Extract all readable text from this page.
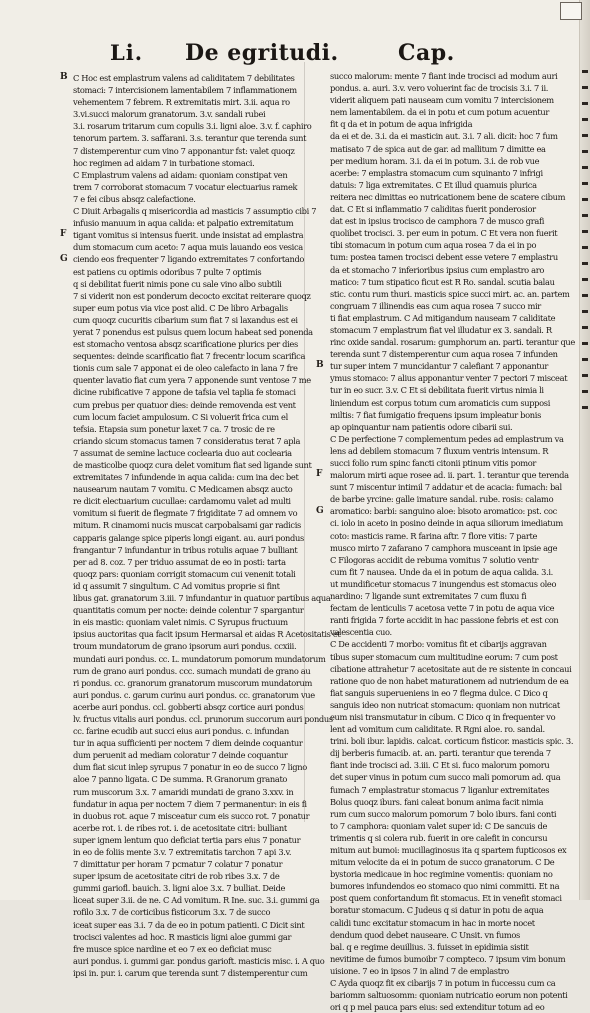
Li. De egritudi.	Cap.
C Hoc est emplastrum valens ad caliditatem 7 debilitates
stomaci: 7 intercisionem lamentabilem 7 inflammationem
vehementem 7 febrem. R extremitatis mirt. 3.ii. aqua ro
3.vi.succi malorum granatorum. 3.v. sandali rubei
3.i. rosarum tritarum cum copulis 3.i. ligni aloe. 3.v. f. caphiro
tenorum partem. 3. saffarani. 3.s. terantur que terenda sunt
7 distemperentur cum vino 7 apponantur fst: valet quoqz
hoc regimen ad aidam 7 in turbatione stomaci.
C Emplastrum valens ad aidam: quoniam constipat ven
trem 7 corroborat stomacum 7 vocatur electuarius ramek
7 e fei cibus absqz calefactione.
C Diuit Arbagalis q misericordia ad masticis 7 assumptio cibi 7
infusio manuum in aqua calida: et palpatio extremitatum
tigant vomitus si intensus fuerit. unde insistat ad emplastra
dum stomacum cum aceto: 7 aqua muis lauando eos vesica
ciendo eos frequenter 7 ligando extremitates 7 confortando
est patiens cu optimis odoribus 7 pulte 7 optimis
q si debilitat fuerit nimis pone cu sale vino albo subtili
7 si viderit non est ponderum decocto excitat reiterare quoqz
super eum potus via vice post alid. C De libro Arbagalis
cum quoqz cucuritis cibarium sum fiat 7 si laxandus est ei
yerat 7 ponendus est pulsus quem locum habeat sed ponenda
est stomacho ventosa absqz scarificatione plurics per dies
sequentes: deinde scarificatio fiat 7 frecentr locum scarifica
tionis cum sale 7 apponat ei de oleo calefacto in lana 7 fre
quenter lavatio fiat cum yera 7 apponende sunt ventose 7 me
dicine rubificative 7 appone de tafsia vel taplia fe stomaci
cum prebus per quatuor dies: deinde removenda est vent
cum locum faciet ampulosum. C Si voluerit frica cum el
tefsia. Etapsia sum ponetur laxet 7 ca. 7 trosic de re
criando sicum stomacus tamen 7 consideratus terat 7 apla
7 assumat de semine lactuce coclearia duo aut coclearia
de masticolbe quoqz cura delet vomitum fiat sed ligande sunt
extremitates 7 infundende in aqua calida: cum ina dec bet
nausearum nautam 7 vomitu. C Medicamen absqz aucto
re dicit electuarium cucullae: cardamomu valet ad multi
vomitum si fuerit de flegmate 7 frigiditate 7 ad omnem vo
mitum. R cinamomi nucis muscat carpobalsami gar radicis
capparis galange spice piperis longi eigant. au. auri pondus
frangantur 7 infundantur in tribus rotulis aquae 7 bulliant
per ad 8. coz. 7 per triduo assumat de eo in posti: tarta
quoqz pars: quoniam corrigit stomacum cui venenit totali
id q assumit 7 singultum. C Ad vomitus proprie si fint
libus gat. granatorum 3.iii. 7 infundantur in quatuor partibus aqua
quantitatis comum per nocte: deinde colentur 7 spargantur
in eis mastic: quoniam valet nimis. C Syrupus fructuum
ipsius auctoritas qua facit ipsum Hermarsal et aidas R Acetositatis et
troum mundatorum de grano ipsorum auri pondus. ccxiii.
mundati auri pondus. cc. L. mundatorum pomorum mundatorum
rum de grano auri pondus. ccc. sumach mundati de grano au
ri pondus. cc. granorum granatorum muscorum mundatorum
auri pondus. c. garum curinu auri pondus. cc. granatorum vue
acerbe auri pondus. ccl. gobberti absqz cortice auri pondus
lv. fructus vitalis auri pondus. ccl. prunorum succorum auri pondus
cc. farine ecudib aut succi eius auri pondus. c. infundan
tur in aqua sufficienti per noctem 7 diem deinde coquantur
dum peruenit ad mediam coloratur 7 deinde coquantur
dum fiat sicut inlep syrupus 7 ponatur in eo de succo 7 ligno
aloe 7 panno ligata. C De summa. R Granorum granato
rum muscorum 3.x. 7 amaridi mundati de grano 3.xxv. in
fundatur in aqua per noctem 7 diem 7 permanentur: in eis fi
in duobus rot. aque 7 misceatur cum eis succo rot. 7 ponatur
acerbe rot. i. de ribes rot. i. de acetositate citri: bulliant
super ignem lentum quo deficiat tertia pars eius 7 ponatur
in eo de foliis mente 3.v. 7 extremitatis tarchon 7 api 3.v.
7 dimittatur per horam 7 pcmatur 7 colatur 7 ponatur
super ipsum de acetositate citri de rob ribes 3.x. 7 de
gummi gariofl. bauich. 3. ligni aloe 3.x. 7 bulliat. Deide
liceat super 3.ii. de ne. C Ad vomitum. R Ine. suc. 3.i. gummi ga
rofilo 3.x. 7 de corticibus fisticorum 3.x. 7 de succo
iceat super eas 3.i. 7 da de eo in potum patienti. C Dicit sint
trocisci valentes ad hoc. R masticis ligni aloe gummi gar
fre musce spice nardine et eo 7 ex eo deficiat musc
auri pondus. i. gummi gar. pondus garioft. masticis misc. i. A quo
ipsi in. pur. i. carum que terenda sunt 7 distemperentur cum
succo malorum: mente 7 fiant inde trocisci ad modum auri
pondus. a. auri. 3.v. vero voluerint fac de trocisis 3.i. 7 ii.
viderit aliquem pati nauseam cum vomitu 7 intercisionem
nem lamentabilem. da ei in potu et cum potum acuentur
fit q da et in potum de aqua infrigida
da ei et de. 3.i. da ei masticin aut. 3.i. 7 ali. dicit: hoc 7 fum
matisato 7 de spica aut de gar. ad mallitum 7 dimitte ea
per medium horam. 3.i. da ei in potum. 3.i. de rob vue
acerbe: 7 emplastra stomacum cum squinanto 7 infrigi
datuis: 7 liga extremitates. C Et illud quamuis plurica
reitera nec dimittas eo nutricationem bene de scatere cibum
dat. C Et si inflammatio 7 caliditas fuerit ponderosior
dat est in ipsius trocisco de camphora 7 de musco grafi
quolibet trocisci. 3. per eum in potum. C Et vera non fuerit
tibi stomacum in potum cum aqua rosea 7 da ei in po
tum: postea tamen trocisci debent esse vetere 7 emplastru
da et stomacho 7 inferioribus ipsius cum emplastro aro
matico: 7 tum stipatico ficut est R Ro. sandal. scutia balau
stic. contu rum thuri. masticis spice succi mirt. ac. an. partem
congruam 7 illinendis eas cum aqua rosea 7 succo mir
ti fiat emplastrum. C Ad mitigandum nauseam 7 caliditate
stomacum 7 emplastrum fiat vel illudatur ex 3. sandali. R
rinc oxide sandal. rosarum: gumphorum an. parti. terantur que
terenda sunt 7 distemperentur cum aqua rosea 7 infunden
tur super intem 7 muncidantur 7 calefiant 7 apponantur
ymus stomaco: 7 alius apponantur venter 7 pectori 7 misceat
tur in eo sucr. 3.v. C Et si debilitata fuerit virtus nimia li
liniendum est corpus totum cum aromaticis cum supposi
miltis: 7 fiat fumigatio frequens ipsum impleatur bonis
ap opinquantur nam patientis odore cibarii sui.
C De perfectione 7 complementum pedes ad emplastrum va
lens ad debilem stomacum 7 fluxum ventris intensum. R
succi folio rum spinc fancti citonii ptinum vitis pomor
malorum mirti aque rosee ad. ii. part. 1. terantur que terenda
sunt 7 miscentur intimil 7 addatur et de acacia: fumach: bal
de barbe yrcine: galle imature sandal. rube. rosis: calamo
aromatico: barbi: sanguino aloe: bisoto aromatico: pst. coc
ci. iolo in aceto in posino deinde in aqua siliorum imediatum
coto: masticis rame. R farina aftr. 7 flore vitis: 7 parte
musco mirto 7 zafarano 7 camphora musceant in ipsie age
C Filogoras accidit de rebuma vomitus 7 solutio ventr
cum fit 7 nausea. Unde da ei in potum de aqua calida. 3.i.
ut mundificetur stomacus 7 inungendus est stomacus oleo
nardino: 7 ligande sunt extremitates 7 cum fluxu fi
fectam de lenticulis 7 acetosa vette 7 in potu de aqua vice
ranti frigida 7 forte accidit in hac passione febris et est con
valescentia cuo.
C De accidenti 7 morbo: vomitus fit et cibarijs aggravan
tibus super stomacum cum multitudine eorum: 7 cum post
cibatione attrahetur 7 acetositate aut de re sistente in concaui
ratione quo de non habet maturationem ad nutriendum de ea
fiat sanguis superueniens in eo 7 flegma dulce. C Dico q
sanguis ideo non nutricat stomacum: quoniam non nutricat
eum nisi transmutatur in cibum. C Dico q in frequenter vo
lent ad vomitum cum caliditate. R Rgni aloe. ro. sandal.
trini. boli ibur. lapidis. calcat. corticum fisticor. masticis spic. 3.
dij berberis fumacib. at. an. parti. terantur que terenda 7
fiant inde trocisci ad. 3.iii. C Et si. fuco malorum pomoru
det super vinus in potum cum succo mali pomorum ad. qua
fumach 7 emplastratur stomacus 7 liganlur extremitates
Bolus quoqz iburs. fani caleat bonum anima facit nimia
rum cum succo malorum pomorum 7 bolo iburs. fani conti
to 7 camphora: quoniam valet super id: C De sancuis de
trimentis q si colera rub. fuerit in ore calefit in concursu
mitum aut bumoi: mucillaginosus ita q spartem fupticosos ex
mitum velocite da ei in potum de succo granatorum. C De
bystoria medicaue in hoc regimine vomentis: quoniam no
bumores infundendos eo stomaco quo nimi committi. Et na
post quem confortandum fit stomacus. Et in venefit stomaci
boratur stomacum. C Judeus q si datur in potu de aqua
calidi tunc excitatur stomacum in hac in morte nocet
dendum quod debet nauseare. C Unsit. vn fumos
bal. q e regime deuillius. 3. fuisset in epidimia sistit
nevitime de fumos bumoibr 7 compteco. 7 ipsum vim bonum
uisione. 7 eo in ipsos 7 in alind 7 de emplastro
C Ayda quoqz fit ex cibarijs 7 in potum in fuccessu cum ca
bariomm saltuosomm: quoniam nutricatio eorum non potenti
ori q p mel pauca pars eius: sed extenditur totum ad eo
B
F
G
B
F
G
